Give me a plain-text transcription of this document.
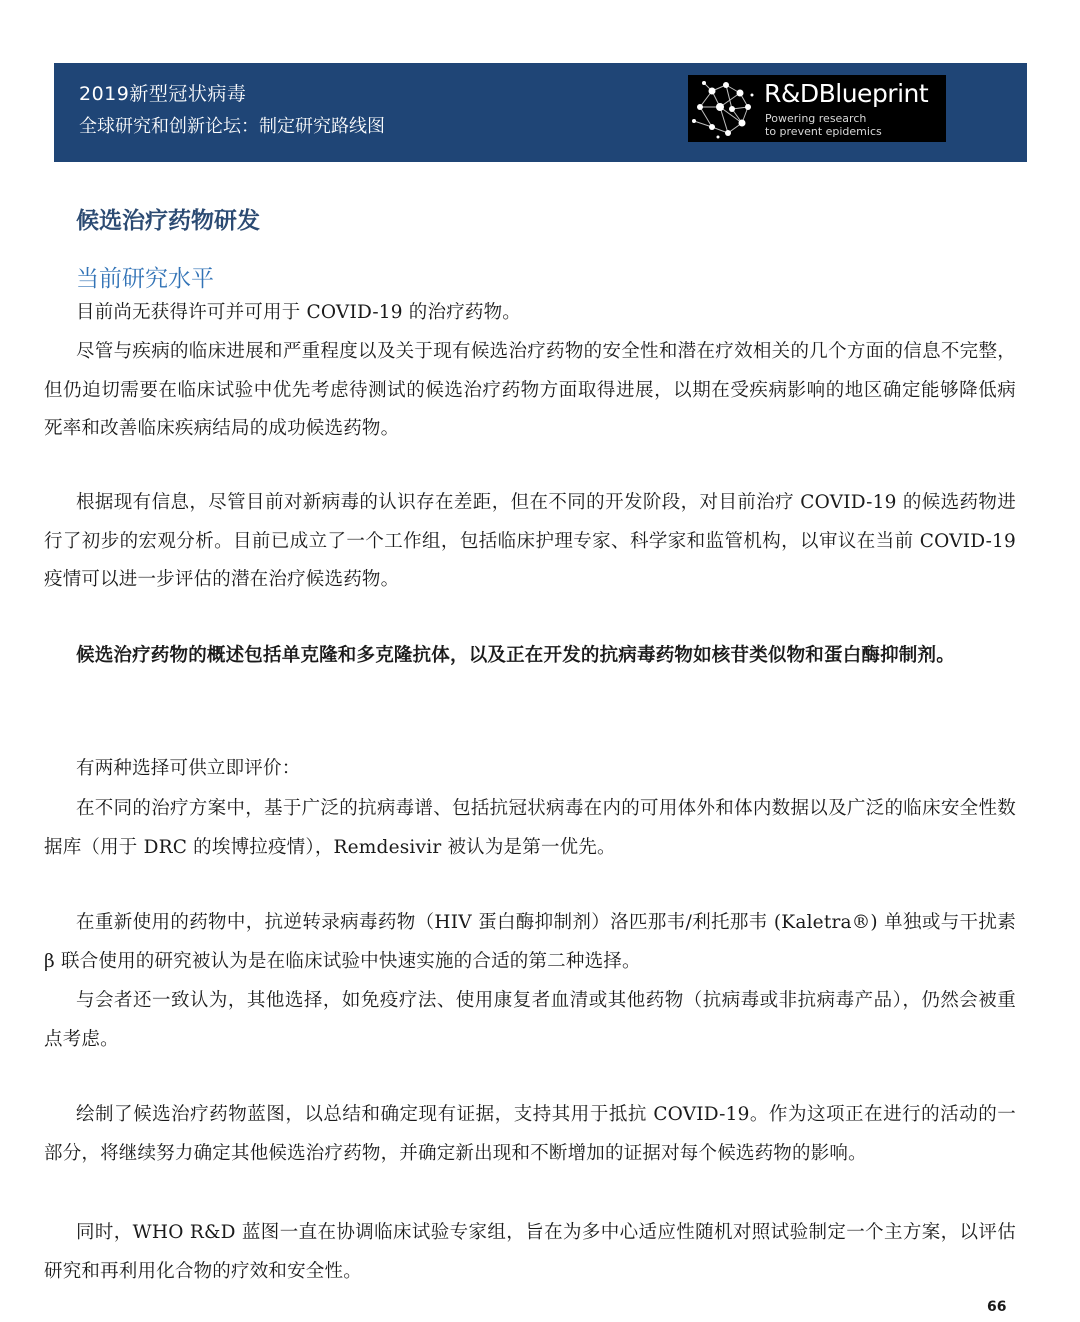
2019新型冠状病毒
全球研究和创新论坛：制定研究路线图
R&DBlueprint
Powering research
to prevent epidemics
候选治疗药物研发
当前研究水平

目前尚无获得许可并可用于 COVID-19 的治疗药物。

尽管与疾病的临床进展和严重程度以及关于现有候选治疗药物的安全性和潜在疗效相关的几个方面的信息不完整，但仍迫切需要在临床试验中优先考虑待测试的候选治疗药物方面取得进展，以期在受疾病影响的地区确定能够降低病死率和改善临床疾病结局的成功候选药物。

根据现有信息，尽管目前对新病毒的认识存在差距，但在不同的开发阶段，对目前治疗 COVID-19 的候选药物进行了初步的宏观分析。目前已成立了一个工作组，包括临床护理专家、科学家和监管机构，以审议在当前 COVID-19 疫情可以进一步评估的潜在治疗候选药物。

候选治疗药物的概述包括单克隆和多克隆抗体，以及正在开发的抗病毒药物如核苷类似物和蛋白酶抑制剂。

有两种选择可供立即评价：

在不同的治疗方案中，基于广泛的抗病毒谱、包括抗冠状病毒在内的可用体外和体内数据以及广泛的临床安全性数据库（用于 DRC 的埃博拉疫情），Remdesivir 被认为是第一优先。

在重新使用的药物中，抗逆转录病毒药物（HIV 蛋白酶抑制剂）洛匹那韦/利托那韦 (Kaletra®) 单独或与干扰素 β 联合使用的研究被认为是在临床试验中快速实施的合适的第二种选择。

与会者还一致认为，其他选择，如免疫疗法、使用康复者血清或其他药物（抗病毒或非抗病毒产品），仍然会被重点考虑。

绘制了候选治疗药物蓝图，以总结和确定现有证据，支持其用于抵抗 COVID-19。作为这项正在进行的活动的一部分，将继续努力确定其他候选治疗药物，并确定新出现和不断增加的证据对每个候选药物的影响。

同时，WHO R&D 蓝图一直在协调临床试验专家组，旨在为多中心适应性随机对照试验制定一个主方案，以评估研究和再利用化合物的疗效和安全性。

66
